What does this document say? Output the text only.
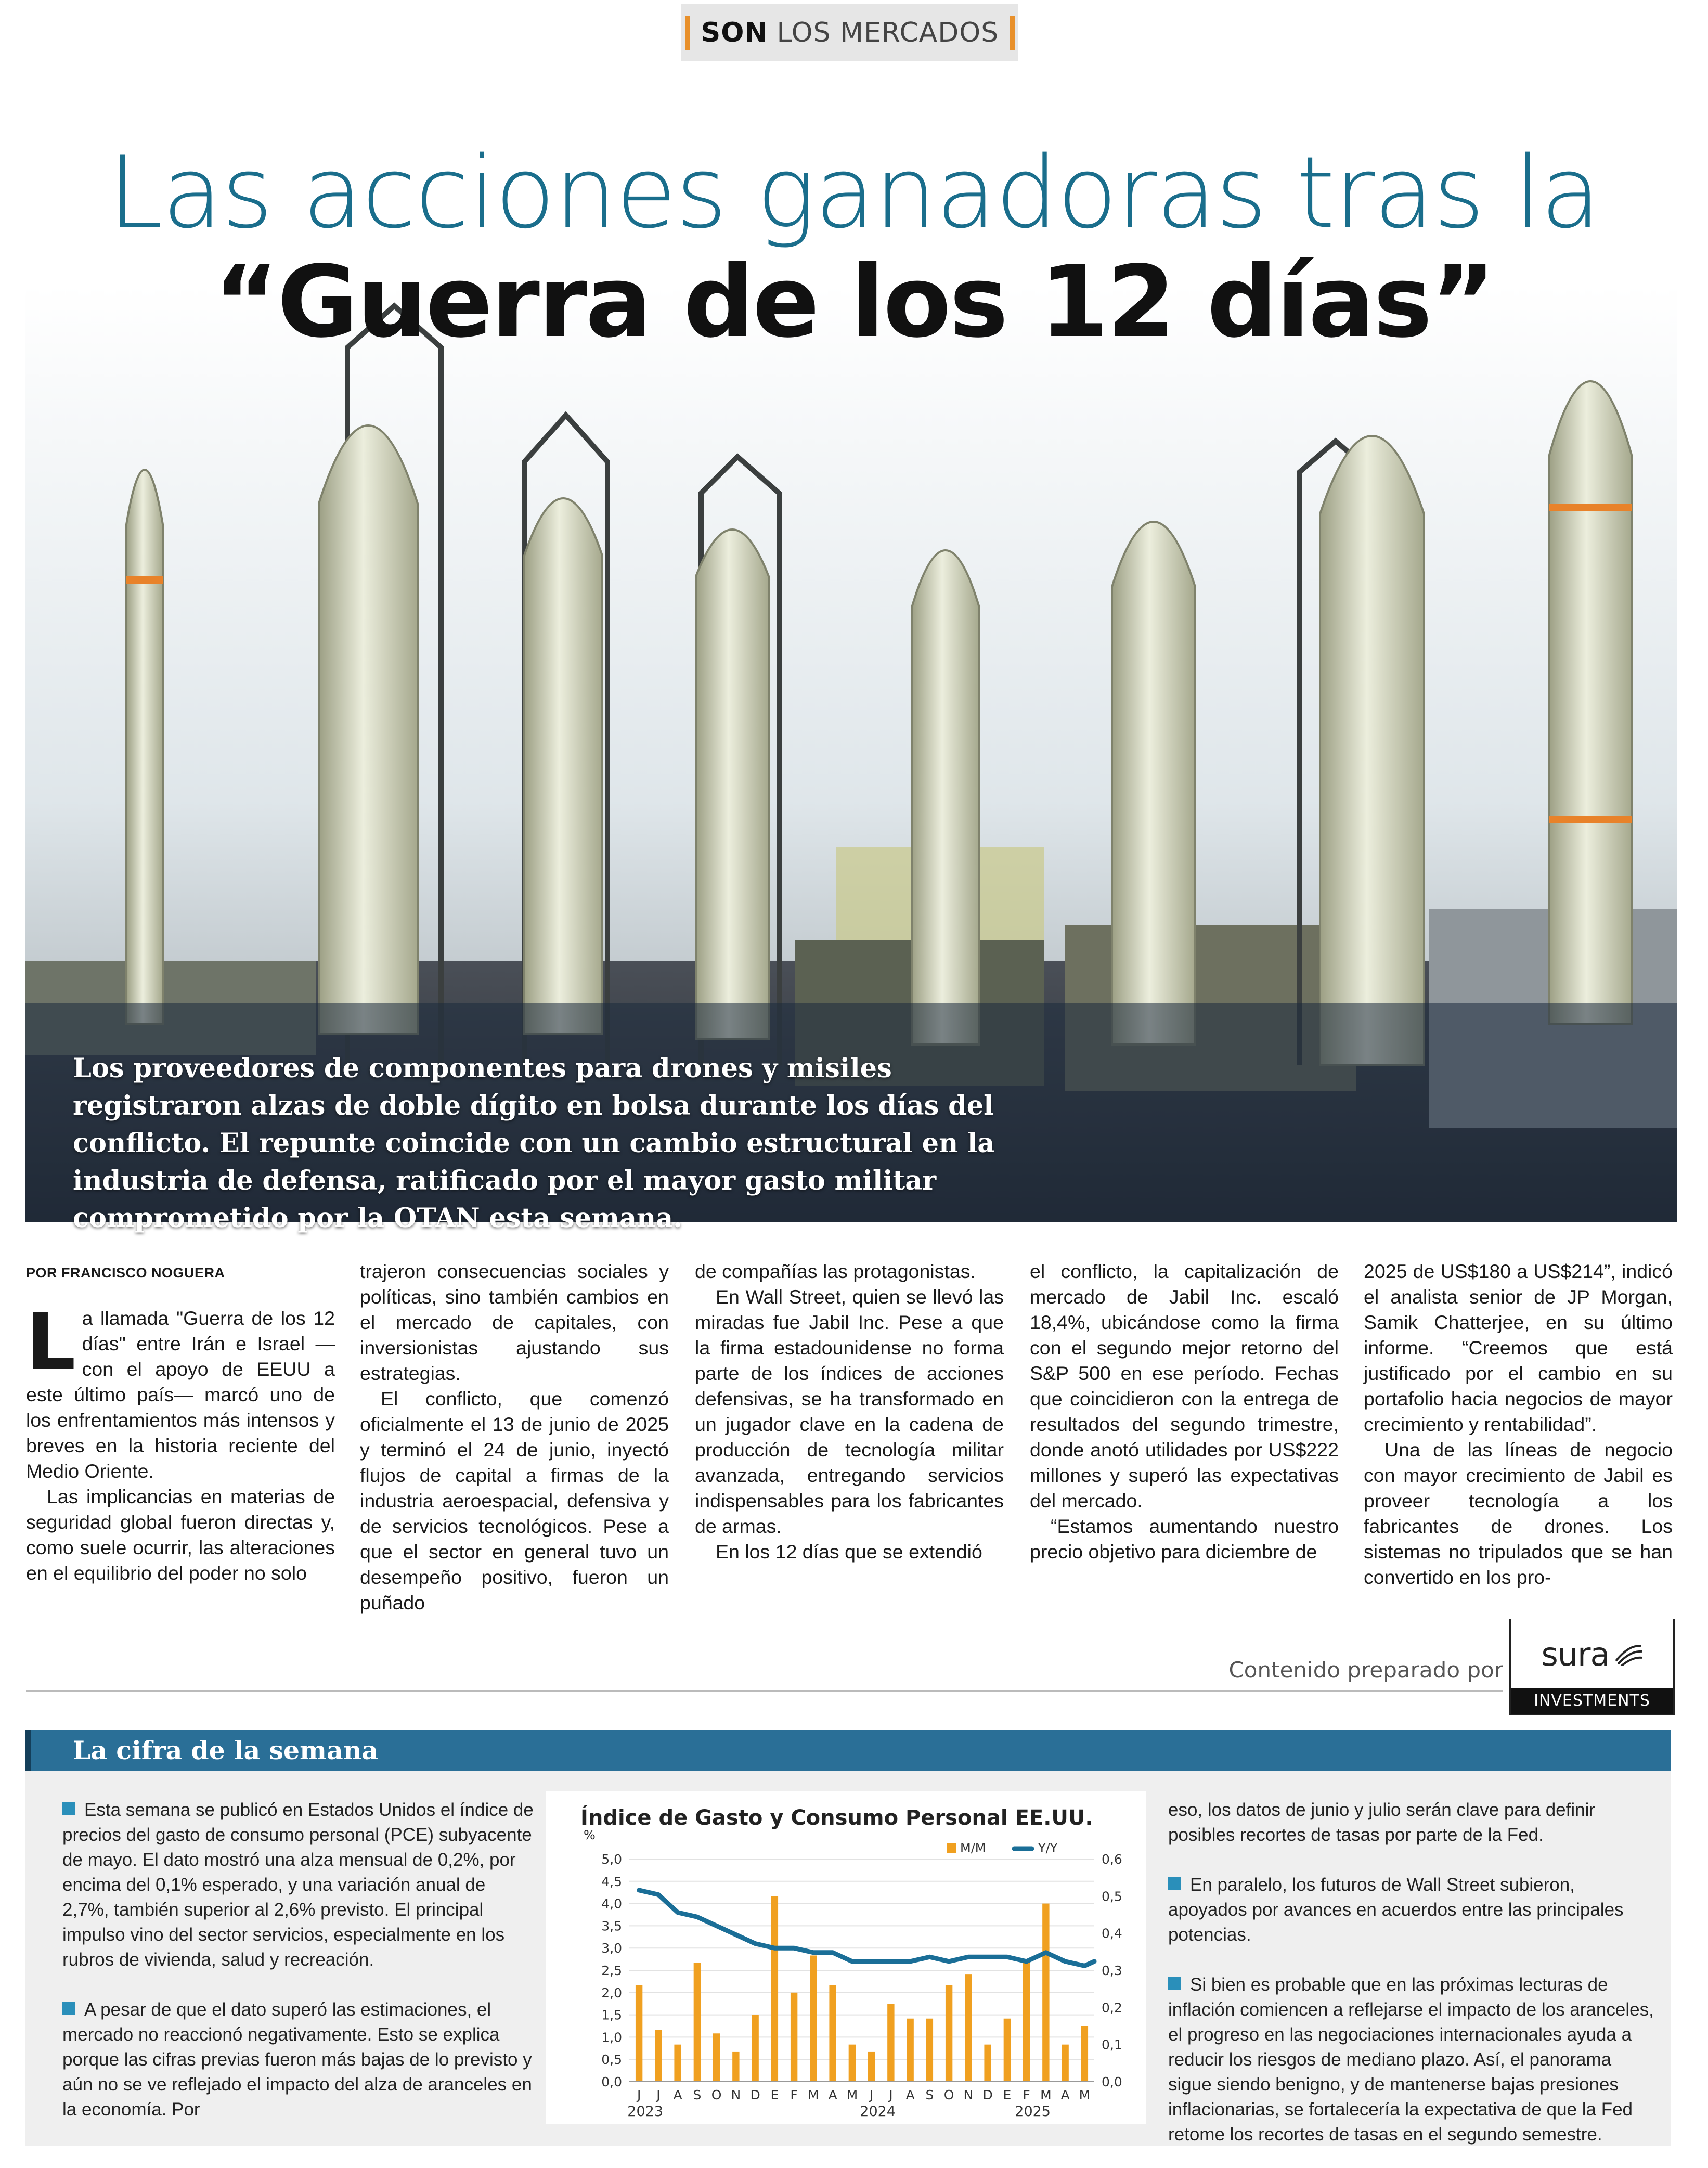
SON LOS MERCADOS
Las acciones ganadoras tras la
“Guerra de los 12 días”
Los proveedores de componentes para drones y misiles registraron alzas de doble dígito en bolsa durante los días del conflicto. El repunte coincide con un cambio estructural en la industria de defensa, ratificado por el mayor gasto militar comprometido por la OTAN esta semana.
POR FRANCISCO NOGUERA
L a llamada "Guerra de los 12 días" entre Irán e Israel —con el apoyo de EEUU a este último país— marcó uno de los enfrentamientos más intensos y breves en la historia reciente del Medio Oriente.

Las implicancias en materias de seguridad global fueron directas y, como suele ocurrir, las alteraciones en el equilibrio del poder no solo

trajeron consecuencias sociales y políticas, sino también cambios en el mercado de capitales, con inversionistas ajustando sus estrategias.

El conflicto, que comenzó oficialmente el 13 de junio de 2025 y terminó el 24 de junio, inyectó flujos de capital a firmas de la industria aeroespacial, defensiva y de servicios tecnológicos. Pese a que el sector en general tuvo un desempeño positivo, fueron un puñado

de compañías las protagonistas.

En Wall Street, quien se llevó las miradas fue Jabil Inc. Pese a que la firma estadounidense no forma parte de los índices de acciones defensivas, se ha transformado en un jugador clave en la cadena de producción de tecnología militar avanzada, entregando servicios indispensables para los fabricantes de armas.

En los 12 días que se extendió

el conflicto, la capitalización de mercado de Jabil Inc. escaló 18,4%, ubicándose como la firma con el segundo mejor retorno del S&P 500 en ese período. Fechas que coincidieron con la entrega de resultados del segundo trimestre, donde anotó utilidades por US$222 millones y superó las expectativas del mercado.

“Estamos aumentando nuestro precio objetivo para diciembre de

2025 de US$180 a US$214”, indicó el analista senior de JP Morgan, Samik Chatterjee, en su último informe. “Creemos que está justificado por el cambio en su portafolio hacia negocios de mayor crecimiento y rentabilidad”.

Una de las líneas de negocio con mayor crecimiento de Jabil es proveer tecnología a los fabricantes de drones. Los sistemas no tripulados que se han convertido en los pro-

Contenido preparado por sura
INVESTMENTS
La cifra de la semana

Esta semana se publicó en Estados Unidos el índice de precios del gasto de consumo personal (PCE) subyacente de mayo. El dato mostró una alza mensual de 0,2%, por encima del 0,1% esperado, y una variación anual de 2,7%, también superior al 2,6% previsto. El principal impulso vino del sector servicios, especialmente en los rubros de vivienda, salud y recreación.

A pesar de que el dato superó las estimaciones, el mercado no reaccionó negativamente. Esto se explica porque las cifras previas fueron más bajas de lo previsto y aún no se ve reflejado el impacto del alza de aranceles en la economía. Por

eso, los datos de junio y julio serán clave para definir posibles recortes de tasas por parte de la Fed.

En paralelo, los futuros de Wall Street subieron, apoyados por avances en acuerdos entre las principales potencias.

Si bien es probable que en las próximas lecturas de inflación comiencen a reflejarse el impacto de los aranceles, el progreso en las negociaciones internacionales ayuda a reducir los riesgos de mediano plazo. Así, el panorama sigue siendo benigno, y de mantenerse bajas presiones inflacionarias, se fortalecería la expectativa de que la Fed retome los recortes de tasas en el segundo semestre.

Índice de Gasto y Consumo Personal EE.UU.
%
M/M	Y/Y
0,0
0,5
1,0
1,5
2,0
2,5
3,0
3,5
4,0
4,5
5,0
0,0
0,1
0,2
0,3
0,4
0,5
0,6
J J A S O N D E F M A M J J A S O N D E F M A M
2023	2024	2025
